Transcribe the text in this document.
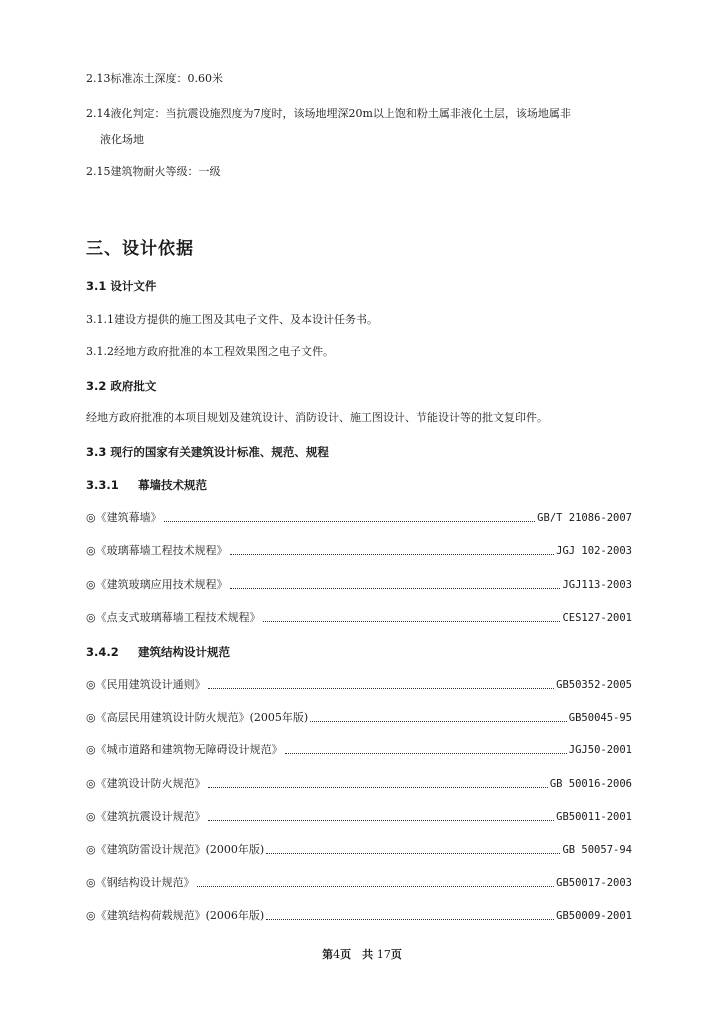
2.13标准冻土深度：0.60米
2.14液化判定：当抗震设施烈度为7度时，该场地埋深20m以上饱和粉土属非液化土层，该场地属非
液化场地
2.15建筑物耐火等级：一级
三、设计依据
3.1 设计文件
3.1.1建设方提供的施工图及其电子文件、及本设计任务书。
3.1.2经地方政府批准的本工程效果图之电子文件。
3.2 政府批文
经地方政府批准的本项目规划及建筑设计、消防设计、施工图设计、节能设计等的批文复印件。
3.3 现行的国家有关建筑设计标准、规范、规程
3.3.1 幕墙技术规范
◎《建筑幕墙》	GB/T 21086-2007
◎《玻璃幕墙工程技术规程》	JGJ 102-2003
◎《建筑玻璃应用技术规程》	JGJ113-2003
◎《点支式玻璃幕墙工程技术规程》	CES127-2001
3.4.2 建筑结构设计规范
◎《民用建筑设计通则》	GB50352-2005
◎《高层民用建筑设计防火规范》(2005年版)	GB50045-95
◎《城市道路和建筑物无障碍设计规范》	JGJ50-2001
◎《建筑设计防火规范》	GB 50016-2006
◎《建筑抗震设计规范》	GB50011-2001
◎《建筑防雷设计规范》(2000年版)	GB 50057-94
◎《钢结构设计规范》	GB50017-2003
◎《建筑结构荷载规范》(2006年版)	GB50009-2001
第4页　共 17页
